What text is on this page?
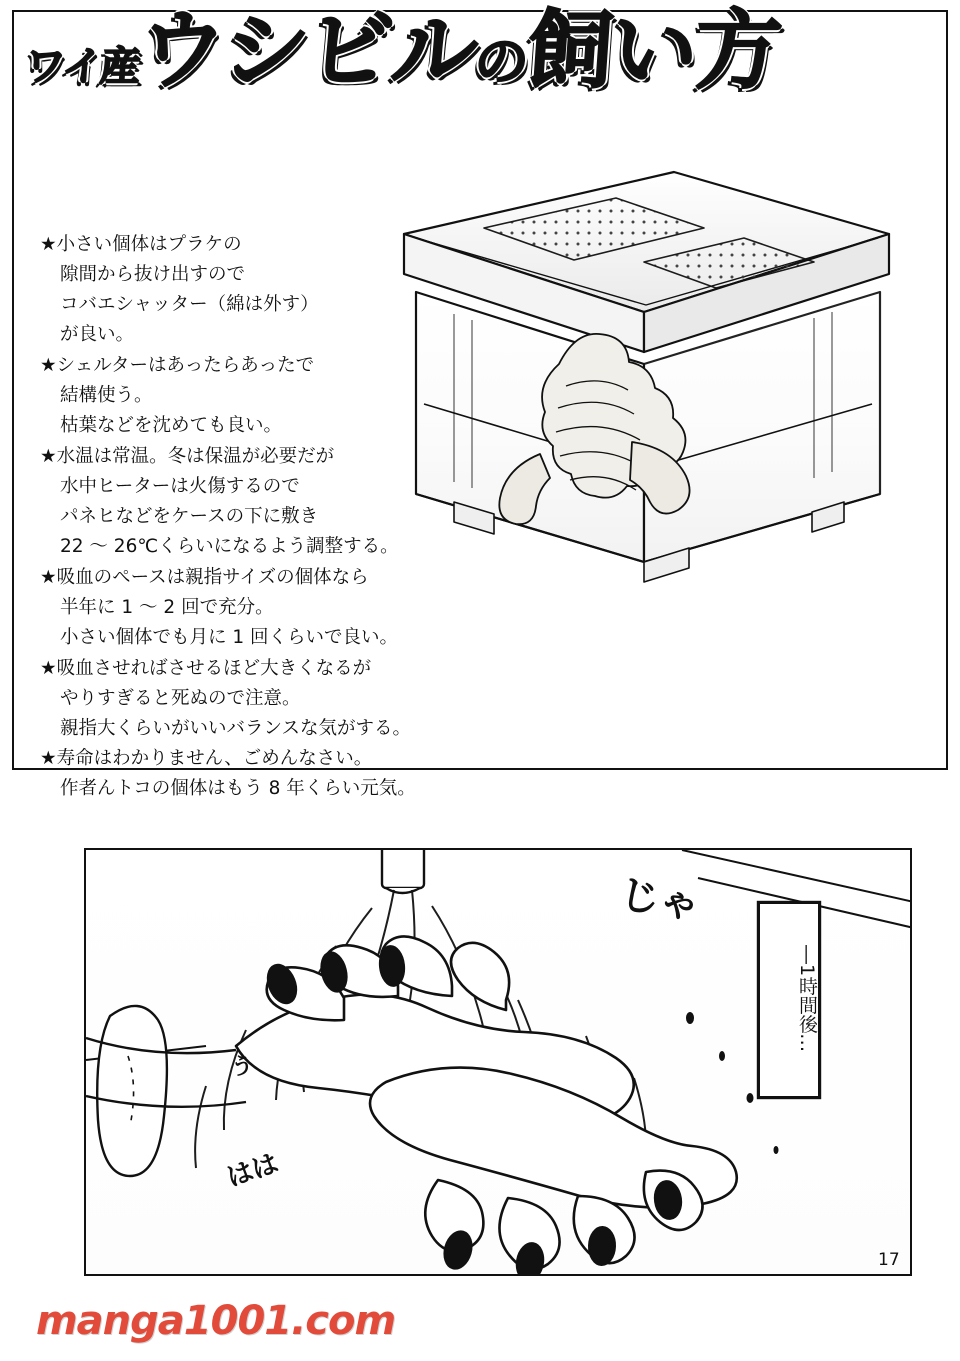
ワイ産ウシビルの飼い方
★小さい個体はプラケの
隙間から抜け出すので
コバエシャッター（綿は外す）
が良い。
★シェルターはあったらあったで
結構使う。
枯葉などを沈めても良い。
★水温は常温。冬は保温が必要だが
水中ヒーターは火傷するので
パネヒなどをケースの下に敷き
22 〜 26℃くらいになるよう調整する。
★吸血のペースは親指サイズの個体なら
半年に 1 〜 2 回で充分。
小さい個体でも月に 1 回くらいで良い。
★吸血させればさせるほど大きくなるが
やりすぎると死ぬので注意。
親指大くらいがいいバランスな気がする。
★寿命はわかりません、ごめんなさい。
作者んトコの個体はもう 8 年くらい元気。
じゃ
う
はは
―1時間後…
17
manga1001.com
